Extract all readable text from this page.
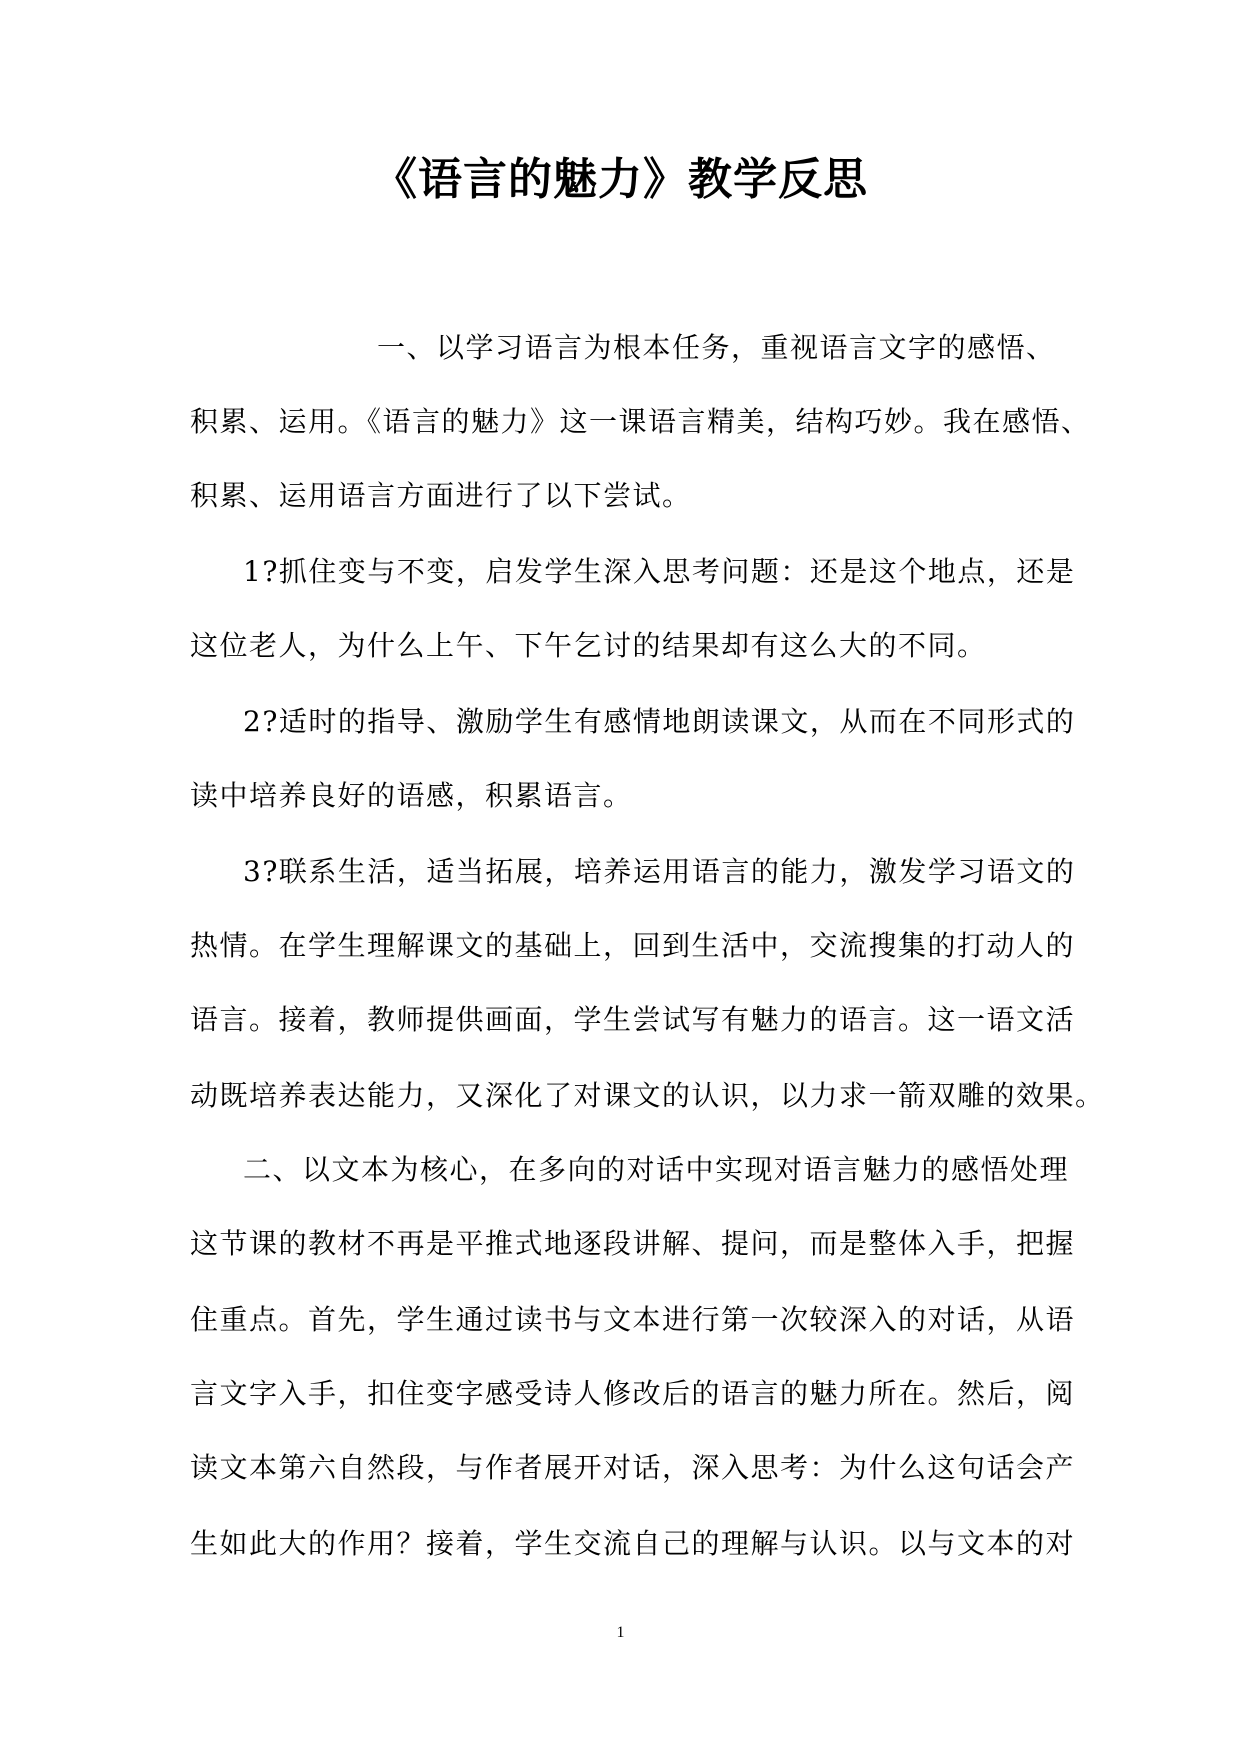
《语言的魅力》教学反思
一、以学习语言为根本任务，重视语言文字的感悟、
积累、运用。《语言的魅力》这一课语言精美，结构巧妙。我在感悟、
积累、运用语言方面进行了以下尝试。
1?抓住变与不变，启发学生深入思考问题：还是这个地点，还是
这位老人，为什么上午、下午乞讨的结果却有这么大的不同。
2?适时的指导、激励学生有感情地朗读课文，从而在不同形式的
读中培养良好的语感，积累语言。
3?联系生活，适当拓展，培养运用语言的能力，激发学习语文的
热情。在学生理解课文的基础上，回到生活中，交流搜集的打动人的
语言。接着，教师提供画面，学生尝试写有魅力的语言。这一语文活
动既培养表达能力，又深化了对课文的认识，以力求一箭双雕的效果。
二、以文本为核心，在多向的对话中实现对语言魅力的感悟处理
这节课的教材不再是平推式地逐段讲解、提问，而是整体入手，把握
住重点。首先，学生通过读书与文本进行第一次较深入的对话，从语
言文字入手，扣住变字感受诗人修改后的语言的魅力所在。然后，阅
读文本第六自然段，与作者展开对话，深入思考：为什么这句话会产
生如此大的作用？接着，学生交流自己的理解与认识。以与文本的对
1
